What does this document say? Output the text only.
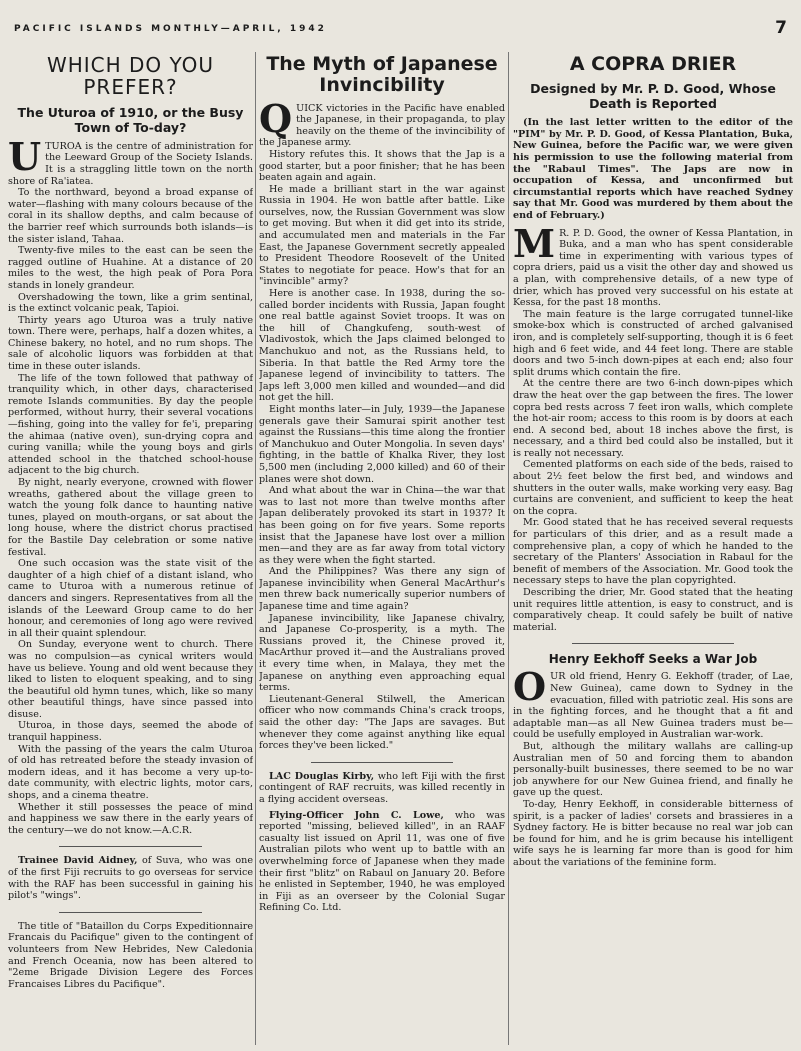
PACIFIC ISLANDS MONTHLY—APRIL, 1942	7
WHICH DO YOU PREFER?
The Uturoa of 1910, or the Busy Town of To-day?

UTUROA is the centre of administration for the Leeward Group of the Society Islands. It is a straggling little town on the north shore of Ra'iatea.

To the northward, beyond a broad expanse of water—flashing with many colours because of the coral in its shallow depths, and calm because of the barrier reef which surrounds both islands—is the sister island, Tahaa.

Twenty-five miles to the east can be seen the ragged outline of Huahine. At a distance of 20 miles to the west, the high peak of Pora Pora stands in lonely grandeur.

Overshadowing the town, like a grim sentinal, is the extinct volcanic peak, Tapioi.

Thirty years ago Uturoa was a truly native town. There were, perhaps, half a dozen whites, a Chinese bakery, no hotel, and no rum shops. The sale of alcoholic liquors was forbidden at that time in these outer islands.

The life of the town followed that pathway of tranquility which, in other days, characterised remote Islands communities. By day the people performed, without hurry, their several vocations—fishing, going into the valley for fe'i, preparing the ahimaa (native oven), sun-drying copra and curing vanilla; while the young boys and girls attended school in the thatched school-house adjacent to the big church.

By night, nearly everyone, crowned with flower wreaths, gathered about the village green to watch the young folk dance to haunting native tunes, played on mouth-organs, or sat about the long house, where the district chorus practised for the Bastile Day celebration or some native festival.

One such occasion was the state visit of the daughter of a high chief of a distant island, who came to Uturoa with a numerous retinue of dancers and singers. Representatives from all the islands of the Leeward Group came to do her honour, and ceremonies of long ago were revived in all their quaint splendour.

On Sunday, everyone went to church. There was no compulsion—as cynical writers would have us believe. Young and old went because they liked to listen to eloquent speaking, and to sing the beautiful old hymn tunes, which, like so many other beautiful things, have since passed into disuse.

Uturoa, in those days, seemed the abode of tranquil happiness.

With the passing of the years the calm Uturoa of old has retreated before the steady invasion of modern ideas, and it has become a very up-to-date community, with electric lights, motor cars, shops, and a cinema theatre.

Whether it still possesses the peace of mind and happiness we saw there in the early years of the century—we do not know.—A.C.R.

Trainee David Aidney, of Suva, who was one of the first Fiji recruits to go overseas for service with the RAF has been successful in gaining his pilot's "wings".

The title of "Bataillon du Corps Expeditionnaire Francais du Pacifique" given to the contingent of volunteers from New Hebrides, New Caledonia and French Oceania, now has been altered to "2eme Brigade Division Legere des Forces Francaises Libres du Pacifique".

The Myth of Japanese Invincibility

QUICK victories in the Pacific have enabled the Japanese, in their propaganda, to play heavily on the theme of the invincibility of the Japanese army.

History refutes this. It shows that the Jap is a good starter, but a poor finisher; that he has been beaten again and again.

He made a brilliant start in the war against Russia in 1904. He won battle after battle. Like ourselves, now, the Russian Government was slow to get moving. But when it did get into its stride, and accumulated men and materials in the Far East, the Japanese Government secretly appealed to President Theodore Roosevelt of the United States to negotiate for peace. How's that for an "invincible" army?

Here is another case. In 1938, during the so-called border incidents with Russia, Japan fought one real battle against Soviet troops. It was on the hill of Changkufeng, south-west of Vladivostok, which the Japs claimed belonged to Manchukuo and not, as the Russians held, to Siberia. In that battle the Red Army tore the Japanese legend of invincibility to tatters. The Japs left 3,000 men killed and wounded—and did not get the hill.

Eight months later—in July, 1939—the Japanese generals gave their Samurai spirit another test against the Russians—this time along the frontier of Manchukuo and Outer Mongolia. In seven days' fighting, in the battle of Khalka River, they lost 5,500 men (including 2,000 killed) and 60 of their planes were shot down.

And what about the war in China—the war that was to last not more than twelve months after Japan deliberately provoked its start in 1937? It has been going on for five years. Some reports insist that the Japanese have lost over a million men—and they are as far away from total victory as they were when the fight started.

And the Philippines? Was there any sign of Japanese invincibility when General MacArthur's men threw back numerically superior numbers of Japanese time and time again?

Japanese invincibility, like Japanese chivalry, and Japanese Co-prosperity, is a myth. The Russians proved it, the Chinese proved it, MacArthur proved it—and the Australians proved it every time when, in Malaya, they met the Japanese on anything even approaching equal terms.

Lieutenant-General Stilwell, the American officer who now commands China's crack troops, said the other day: "The Japs are savages. But whenever they come against anything like equal forces they've been licked."

LAC Douglas Kirby, who left Fiji with the first contingent of RAF recruits, was killed recently in a flying accident overseas.

Flying-Officer John C. Lowe, who was reported "missing, believed killed", in an RAAF casualty list issued on April 11, was one of five Australian pilots who went up to battle with an overwhelming force of Japanese when they made their first "blitz" on Rabaul on January 20. Before he enlisted in September, 1940, he was employed in Fiji as an overseer by the Colonial Sugar Refining Co. Ltd.

A COPRA DRIER
Designed by Mr. P. D. Good, Whose Death is Reported

(In the last letter written to the editor of the "PIM" by Mr. P. D. Good, of Kessa Plantation, Buka, New Guinea, before the Pacific war, we were given his permission to use the following material from the "Rabaul Times". The Japs are now in occupation of Kessa, and unconfirmed but circumstantial reports which have reached Sydney say that Mr. Good was murdered by them about the end of February.)

M R. P. D. Good, the owner of Kessa Plantation, in Buka, and a man who has spent considerable time in experimenting with various types of copra driers, paid us a visit the other day and showed us a plan, with comprehensive details, of a new type of drier, which has proved very successful on his estate at Kessa, for the past 18 months.

The main feature is the large corrugated tunnel-like smoke-box which is constructed of arched galvanised iron, and is completely self-supporting, though it is 6 feet high and 6 feet wide, and 44 feet long. There are stable doors and two 5-inch down-pipes at each end; also four split drums which contain the fire.

At the centre there are two 6-inch down-pipes which draw the heat over the gap between the fires. The lower copra bed rests across 7 feet iron walls, which complete the hot-air room; access to this room is by doors at each end. A second bed, about 18 inches above the first, is necessary, and a third bed could also be installed, but it is really not necessary.

Cemented platforms on each side of the beds, raised to about 2½ feet below the first bed, and windows and shutters in the outer walls, make working very easy. Bag curtains are convenient, and sufficient to keep the heat on the copra.

Mr. Good stated that he has received several requests for particulars of this drier, and as a result made a comprehensive plan, a copy of which he handed to the secretary of the Planters' Association in Rabaul for the benefit of members of the Association. Mr. Good took the necessary steps to have the plan copyrighted.

Describing the drier, Mr. Good stated that the heating unit requires little attention, is easy to construct, and is comparatively cheap. It could safely be built of native material.

Henry Eekhoff Seeks a War Job

OUR old friend, Henry G. Eekhoff (trader, of Lae, New Guinea), came down to Sydney in the evacuation, filled with patriotic zeal. His sons are in the fighting forces, and he thought that a fit and adaptable man—as all New Guinea traders must be—could be usefully employed in Australian war-work.

But, although the military wallahs are calling-up Australian men of 50 and forcing them to abandon personally-built businesses, there seemed to be no war job anywhere for our New Guinea friend, and finally he gave up the quest.

To-day, Henry Eekhoff, in considerable bitterness of spirit, is a packer of ladies' corsets and brassieres in a Sydney factory. He is bitter because no real war job can be found for him, and he is grim because his intelligent wife says he is learning far more than is good for him about the variations of the feminine form.
